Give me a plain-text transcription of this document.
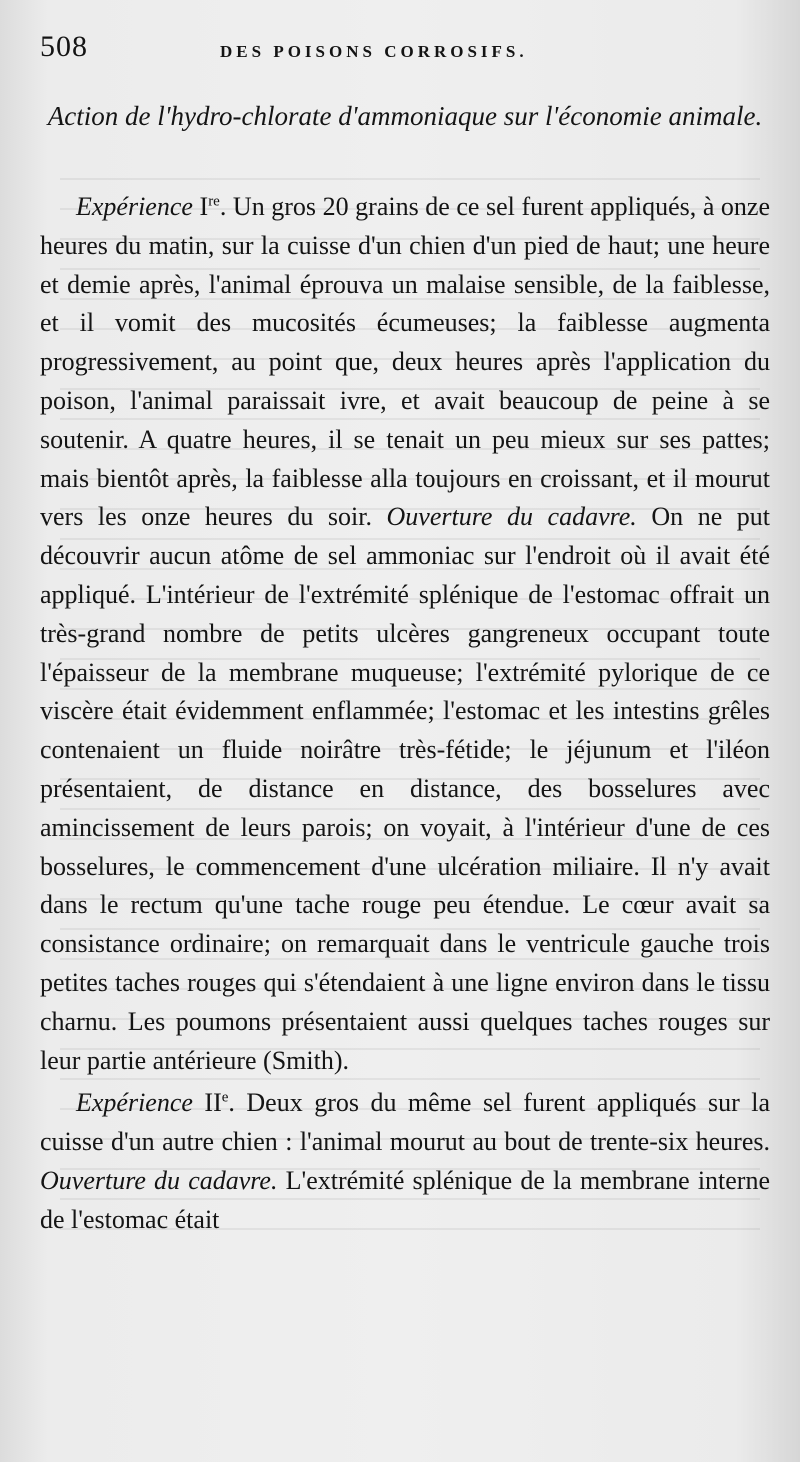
508	DES POISONS CORROSIFS.
Action de l'hydro-chlorate d'ammoniaque sur l'économie animale.

Expérience Ire. Un gros 20 grains de ce sel furent appliqués, à onze heures du matin, sur la cuisse d'un chien d'un pied de haut; une heure et demie après, l'animal éprouva un malaise sensible, de la faiblesse, et il vomit des mucosités écumeuses; la faiblesse augmenta progressivement, au point que, deux heures après l'application du poison, l'animal paraissait ivre, et avait beaucoup de peine à se soutenir. A quatre heures, il se tenait un peu mieux sur ses pattes; mais bientôt après, la faiblesse alla toujours en croissant, et il mourut vers les onze heures du soir. Ouverture du cadavre. On ne put découvrir aucun atôme de sel ammoniac sur l'endroit où il avait été appliqué. L'intérieur de l'extrémité splénique de l'estomac offrait un très-grand nombre de petits ulcères gangreneux occupant toute l'épaisseur de la membrane muqueuse; l'extrémité pylorique de ce viscère était évidemment enflammée; l'estomac et les intestins grêles contenaient un fluide noirâtre très-fétide; le jéjunum et l'iléon présentaient, de distance en distance, des bosselures avec amincissement de leurs parois; on voyait, à l'intérieur d'une de ces bosselures, le commencement d'une ulcération miliaire. Il n'y avait dans le rectum qu'une tache rouge peu étendue. Le cœur avait sa consistance ordinaire; on remarquait dans le ventricule gauche trois petites taches rouges qui s'étendaient à une ligne environ dans le tissu charnu. Les poumons présentaient aussi quelques taches rouges sur leur partie antérieure (Smith).

Expérience IIe. Deux gros du même sel furent appliqués sur la cuisse d'un autre chien : l'animal mourut au bout de trente-six heures. Ouverture du cadavre. L'extrémité splénique de la membrane interne de l'estomac était
